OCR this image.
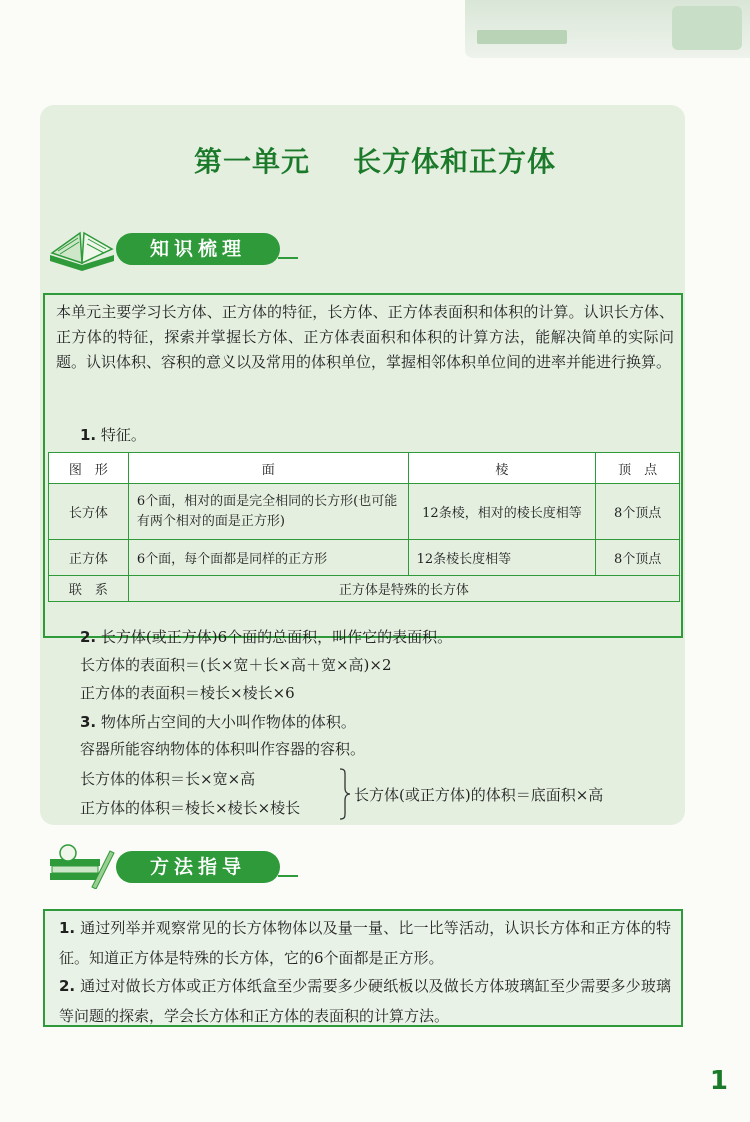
第一单元    长方体和正方体
知识梳理
本单元主要学习长方体、正方体的特征，长方体、正方体表面积和体积的计算。认识长方体、正方体的特征，探索并掌握长方体、正方体表面积和体积的计算方法，能解决简单的实际问题。认识体积、容积的意义以及常用的体积单位，掌握相邻体积单位间的进率并能进行换算。
1. 特征。
图　形	面	棱	顶　点
长方体	6个面，相对的面是完全相同的长方形(也可能有两个相对的面是正方形)	12条棱，相对的棱长度相等	8个顶点
正方体	6个面，每个面都是同样的正方形	12条棱长度相等	8个顶点
联　系	正方体是特殊的长方体		
2. 长方体(或正方体)6个面的总面积，叫作它的表面积。
长方体的表面积＝(长×宽＋长×高＋宽×高)×2
正方体的表面积＝棱长×棱长×6
3. 物体所占空间的大小叫作物体的体积。
容器所能容纳物体的体积叫作容器的容积。
长方体的体积＝长×宽×高
正方体的体积＝棱长×棱长×棱长
长方体(或正方体)的体积＝底面积×高
方法指导
1. 通过列举并观察常见的长方体物体以及量一量、比一比等活动，认识长方体和正方体的特征。知道正方体是特殊的长方体，它的6个面都是正方形。
2. 通过对做长方体或正方体纸盒至少需要多少硬纸板以及做长方体玻璃缸至少需要多少玻璃等问题的探索，学会长方体和正方体的表面积的计算方法。
1
